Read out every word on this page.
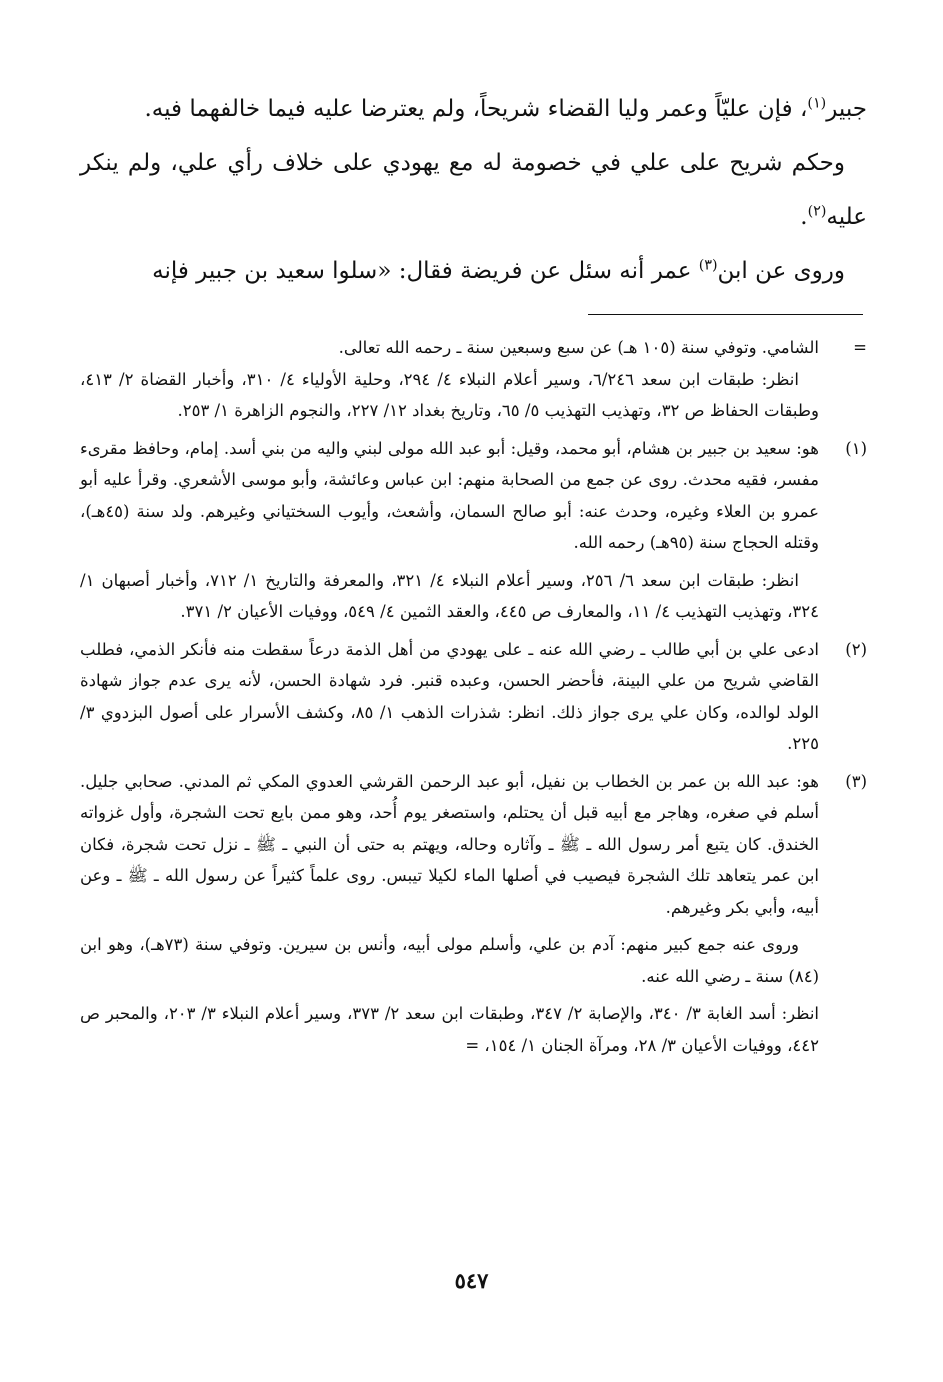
جبير$^{(١)}$، فإن عليّاً وعمر وليا القضاء شريحاً، ولم يعترضا عليه فيما خالفهما فيه.

وحكم شريح على علي في خصومة له مع يهودي على خلاف رأي علي، ولم ينكر عليه$^{(٢)}$.

وروى عن ابن$^{(٣)}$ عمر أنه سئل عن فريضة فقال: «سلوا سعيد بن جبير فإنه

=

الشامي. وتوفي سنة (١٠٥ هـ) عن سبع وسبعين سنة ـ رحمه الله تعالى.

انظر: طبقات ابن سعد ٦/٢٤٦، وسير أعلام النبلاء ٤/ ٢٩٤، وحلية الأولياء ٤/ ٣١٠، وأخبار القضاة ٢/ ٤١٣، وطبقات الحفاظ ص ٣٢، وتهذيب التهذيب ٥/ ٦٥، وتاريخ بغداد ١٢/ ٢٢٧، والنجوم الزاهرة ١/ ٢٥٣.

(١)

هو: سعيد بن جبير بن هشام، أبو محمد، وقيل: أبو عبد الله مولى لبني واليه من بني أسد. إمام، وحافظ مقرىء مفسر، فقيه محدث. روى عن جمع من الصحابة منهم: ابن عباس وعائشة، وأبو موسى الأشعري. وقرأ عليه أبو عمرو بن العلاء وغيره، وحدث عنه: أبو صالح السمان، وأشعث، وأيوب السختياني وغيرهم. ولد سنة (٤٥هـ)، وقتله الحجاج سنة (٩٥هـ) رحمه الله.

انظر: طبقات ابن سعد ٦/ ٢٥٦، وسير أعلام النبلاء ٤/ ٣٢١، والمعرفة والتاريخ ١/ ٧١٢، وأخبار أصبهان ١/ ٣٢٤، وتهذيب التهذيب ٤/ ١١، والمعارف ص ٤٤٥، والعقد الثمين ٤/ ٥٤٩، ووفيات الأعيان ٢/ ٣٧١.

(٢)

ادعى علي بن أبي طالب ـ رضي الله عنه ـ على يهودي من أهل الذمة درعاً سقطت منه فأنكر الذمي، فطلب القاضي شريح من علي البينة، فأحضر الحسن، وعبده قنبر. فرد شهادة الحسن، لأنه يرى عدم جواز شهادة الولد لوالده، وكان علي يرى جواز ذلك. انظر: شذرات الذهب ١/ ٨٥، وكشف الأسرار على أصول البزدوي ٣/ ٢٢٥.

(٣)

هو: عبد الله بن عمر بن الخطاب بن نفيل، أبو عبد الرحمن القرشي العدوي المكي ثم المدني. صحابي جليل. أسلم في صغره، وهاجر مع أبيه قبل أن يحتلم، واستصغر يوم أُحد، وهو ممن بايع تحت الشجرة، وأول غزواته الخندق. كان يتبع أمر رسول الله ـ ﷺ ـ وآثاره وحاله، ويهتم به حتى أن النبي ـ ﷺ ـ نزل تحت شجرة، فكان ابن عمر يتعاهد تلك الشجرة فيصيب في أصلها الماء لكيلا تيبس. روى علماً كثيراً عن رسول الله ـ ﷺ ـ وعن أبيه، وأبي بكر وغيرهم.

وروى عنه جمع كبير منهم: آدم بن علي، وأسلم مولى أبيه، وأنس بن سيرين. وتوفي سنة (٧٣هـ)، وهو ابن (٨٤) سنة ـ رضي الله عنه.

انظر: أسد الغابة ٣/ ٣٤٠، والإصابة ٢/ ٣٤٧، وطبقات ابن سعد ٢/ ٣٧٣، وسير أعلام النبلاء ٣/ ٢٠٣، والمحبر ص ٤٤٢، ووفيات الأعيان ٣/ ٢٨، ومرآة الجنان ١/ ١٥٤، =

٥٤٧
